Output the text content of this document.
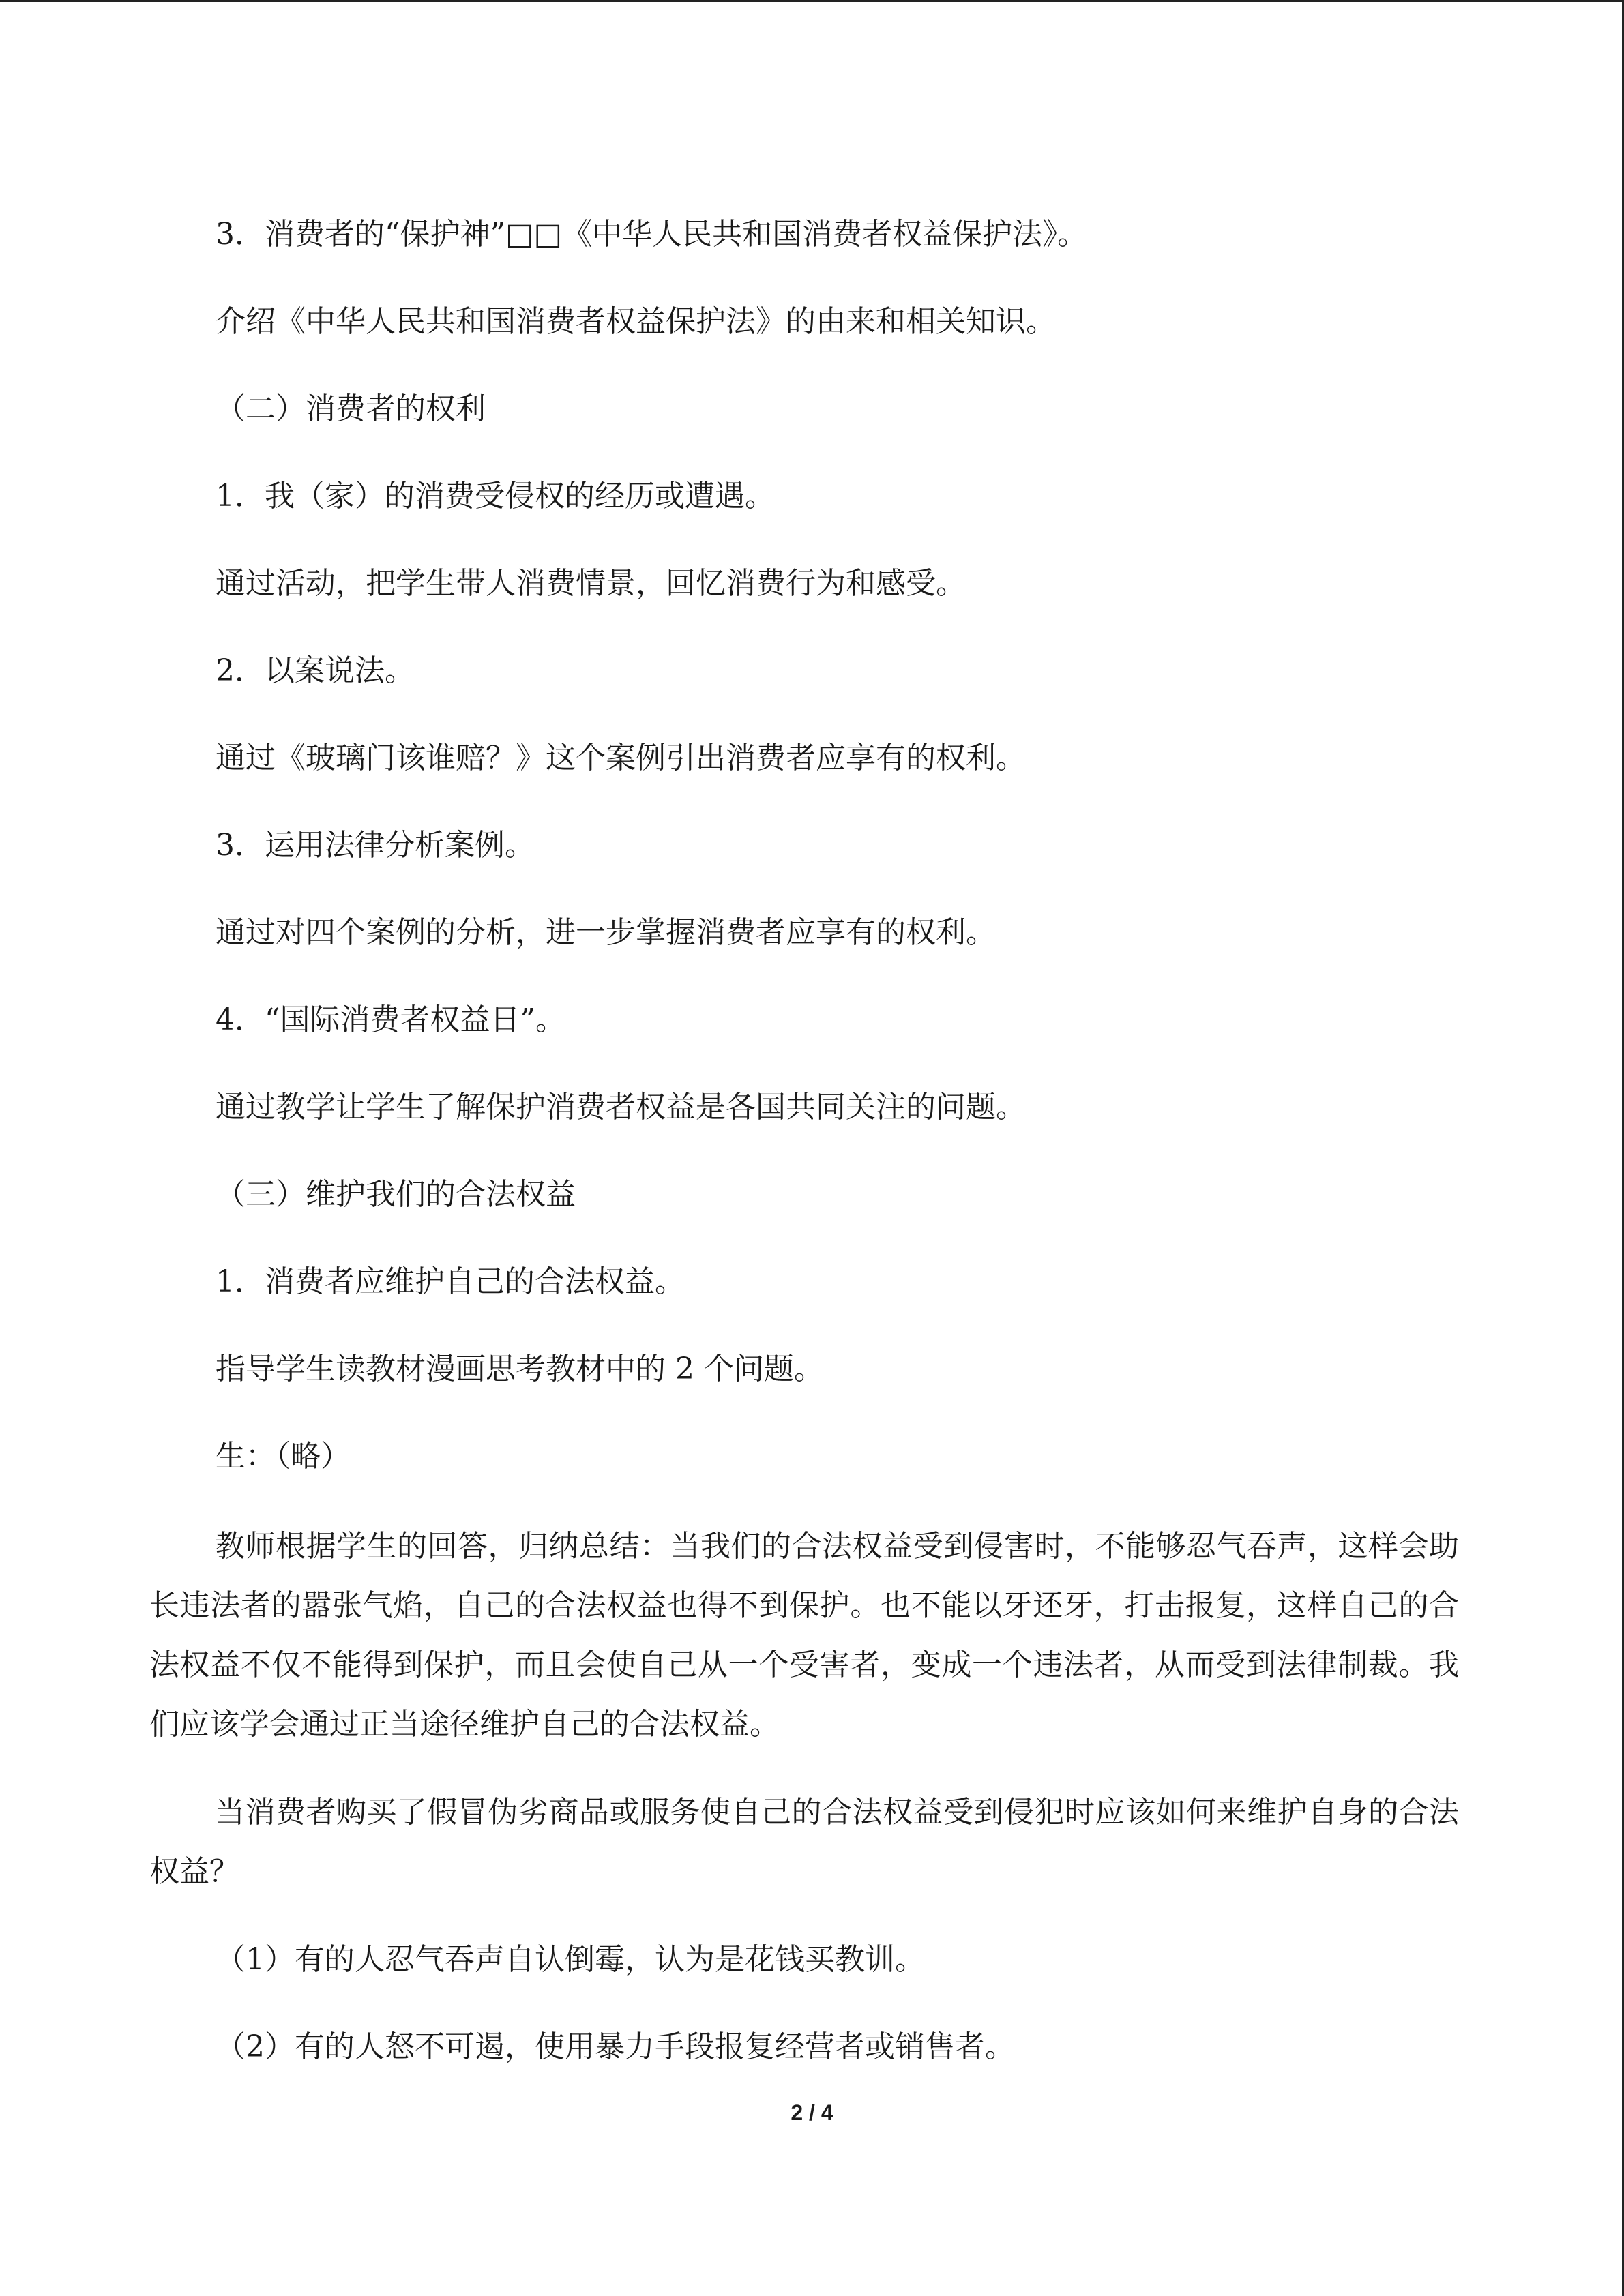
3．消费者的“保护神”□□《中华人民共和国消费者权益保护法》。

介绍《中华人民共和国消费者权益保护法》的由来和相关知识。

（二）消费者的权利

1．我（家）的消费受侵权的经历或遭遇。

通过活动，把学生带人消费情景，回忆消费行为和感受。

2．以案说法。

通过《玻璃门该谁赔？》这个案例引出消费者应享有的权利。

3．运用法律分析案例。

通过对四个案例的分析，进一步掌握消费者应享有的权利。

4．“国际消费者权益日”。

通过教学让学生了解保护消费者权益是各国共同关注的问题。

（三）维护我们的合法权益

1．消费者应维护自己的合法权益。

指导学生读教材漫画思考教材中的 2 个问题。

生：（略）

教师根据学生的回答，归纳总结：当我们的合法权益受到侵害时，不能够忍气吞声，这样会助长违法者的嚣张气焰，自己的合法权益也得不到保护。也不能以牙还牙，打击报复，这样自己的合法权益不仅不能得到保护，而且会使自己从一个受害者，变成一个违法者，从而受到法律制裁。我们应该学会通过正当途径维护自己的合法权益。

当消费者购买了假冒伪劣商品或服务使自己的合法权益受到侵犯时应该如何来维护自身的合法权益？

（1）有的人忍气吞声自认倒霉，认为是花钱买教训。

（2）有的人怒不可遏，使用暴力手段报复经营者或销售者。

2 / 4
